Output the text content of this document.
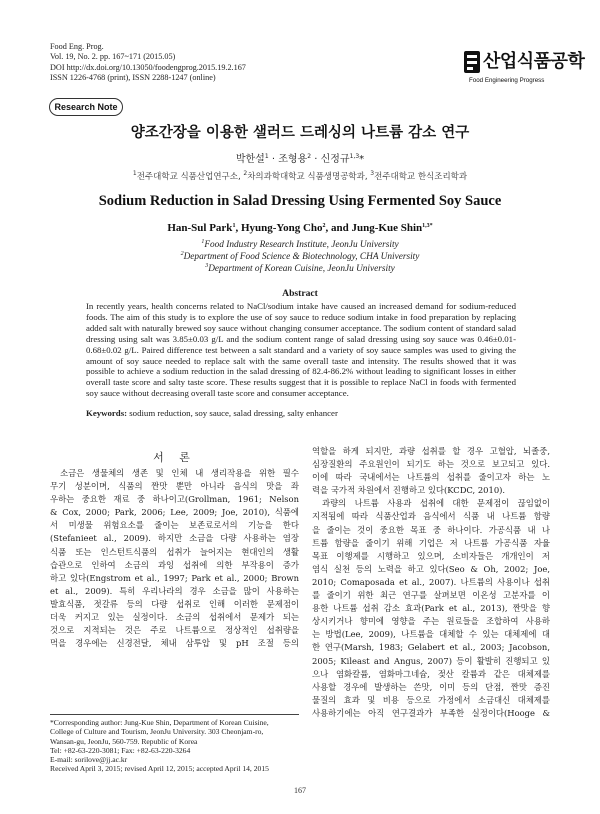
Food Eng. Prog.
Vol. 19, No. 2. pp. 167~171 (2015.05)
DOI http://dx.doi.org/10.13050/foodengprog.2015.19.2.167
ISSN 1226-4768 (print), ISSN 2288-1247 (online)
산업식품공학
Food Engineering Progress
Research Note
양조간장을 이용한 샐러드 드레싱의 나트륨 감소 연구
박한설$^1$ · 조형용$^2$ · 신정규$^{1,3}$*
$^1$전주대학교 식품산업연구소, $^2$차의과학대학교 식품생명공학과, $^3$전주대학교 한식조리학과
Sodium Reduction in Salad Dressing Using Fermented Soy Sauce
Han-Sul Park$^1$, Hyung-Yong Cho$^2$, and Jung-Kue Shin$^{1,3*}$
$^1$Food Industry Research Institute, JeonJu University
$^2$Department of Food Science & Biotechnology, CHA University
$^3$Department of Korean Cuisine, JeonJu University
Abstract
In recently years, health concerns related to NaCl/sodium intake have caused an increased demand for sodium-reduced foods. The aim of this study is to explore the use of soy sauce to reduce sodium intake in food preparation by replacing added salt with naturally brewed soy sauce without changing consumer acceptance. The sodium content of standard salad dressing using salt was 3.85±0.03 g/L and the sodium content range of salad dressing using soy sauce was 0.46±0.01-0.68±0.02 g/L. Paired difference test between a salt standard and a variety of soy sauce samples was used to giving the amount of soy sauce needed to replace salt with the same overall taste and intensity. The results showed that it was possible to achieve a sodium reduction in the salad dressing of 82.4-86.2% without leading to significant losses in either overall taste score and salty taste score. These results suggest that it is possible to replace NaCl in foods with fermented soy sauce without decreasing overall taste score and consumer acceptance.
Keywords: sodium reduction, soy sauce, salad dressing, salty enhancer
서 론
소금은 생물체의 생존 및 인체 내 생리작용을 위한 필수
무기 성분이며, 식품의 짠맛 뿐만 아니라 음식의 맛을 좌
우하는 중요한 재료 중 하나이고(Grollman, 1961; Nelson
& Cox, 2000; Park, 2006; Lee, 2009; Joe, 2010), 식품에
서 미생물 위험요소를 줄이는 보존료로서의 기능을 한다
(Stefanieet al., 2009). 하지만 소금을 다량 사용하는 염장
식품 또는 인스턴트식품의 섭취가 늘어지는 현대인의 생활
습관으로 인하여 소금의 과잉 섭취에 의한 부작용이 증가
하고 있다(Engstrom et al., 1997; Park et al., 2000; Brown
et al., 2009). 특히 우리나라의 경우 소금을 많이 사용하는
발효식품, 젓갈류 등의 다량 섭취로 인해 이러한 문제점이
더욱 커지고 있는 실정이다. 소금의 섭취에서 문제가 되는
것으로 지적되는 것은 주로 나트륨으로 정상적인 섭취량을
먹을 경우에는 신경전달, 체내 삼투압 및 pH 조절 등의
역할을 하게 되지만, 과량 섭취를 할 경우 고혈압, 뇌졸중,
심장질환의 주요원인이 되기도 하는 것으로 보고되고 있다.
이에 따라 국내에서는 나트륨의 섭취를 줄이고자 하는 노
력을 국가적 차원에서 진행하고 있다(KCDC, 2010).
과량의 나트륨 사용과 섭취에 대한 문제점이 끊임없이
지적됨에 따라 식품산업과 음식에서 식품 내 나트륨 함량
을 줄이는 것이 중요한 목표 중 하나이다. 가공식품 내 나
트륨 함량을 줄이기 위해 기업은 저 나트륨 가공식품 자율
목표 이행제를 시행하고 있으며, 소비자들은 개개인이 저
염식 실천 등의 노력을 하고 있다(Seo & Oh, 2002; Joe,
2010; Comaposada et al., 2007). 나트륨의 사용이나 섭취
를 줄이기 위한 최근 연구를 살펴보면 이온성 고분자를 이
용한 나트륨 섭취 감소 효과(Park et al., 2013), 짠맛을 향
상시키거나 향미에 영향을 주는 원료들을 조합하여 사용하
는 방법(Lee, 2009), 나트륨을 대체할 수 있는 대체제에 대
한 연구(Marsh, 1983; Gelabert et al., 2003; Jacobson,
2005; Kileast and Angus, 2007) 등이 활발히 진행되고 있
으나 염화칼륨, 염화마그네슘, 젖산 칼륨과 같은 대체제를
사용할 경우에 발생하는 쓴맛, 이미 등의 단점, 짠맛 증진
물질의 효과 및 비용 등으로 가정에서 소금대신 대체제를
사용하기에는 아직 연구결과가 부족한 실정이다(Hooge &
*Corresponding author: Jung-Kue Shin, Department of Korean Cuisine,
College of Culture and Tourism, JeonJu University. 303 Cheonjam-ro,
Wansan-gu, JeonJu, 560-759. Republic of Korea
Tel: +82-63-220-3081; Fax: +82-63-220-3264
E-mail: sorilove@jj.ac.kr
Received April 3, 2015; revised April 12, 2015; accepted April 14, 2015
167
